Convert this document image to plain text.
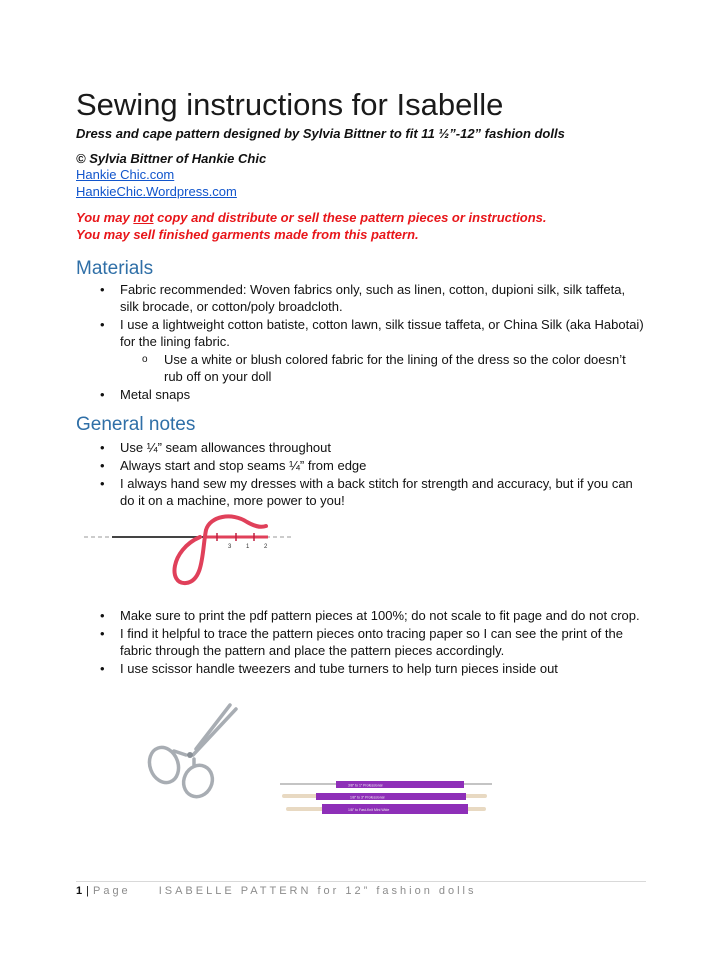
Sewing instructions for Isabelle
Dress and cape pattern designed by Sylvia Bittner to fit 11 ½”-12” fashion dolls
© Sylvia Bittner of Hankie Chic
Hankie Chic.com
HankieChic.Wordpress.com
You may not copy and distribute or sell these pattern pieces or instructions.
You may sell finished garments made from this pattern.
Materials
• Fabric recommended: Woven fabrics only, such as linen, cotton, dupioni silk, silk taffeta, silk brocade, or cotton/poly broadcloth.
• I use a lightweight cotton batiste, cotton lawn, silk tissue taffeta, or China Silk (aka Habotai) for the lining fabric.
o Use a white or blush colored fabric for the lining of the dress so the color doesn’t rub off on your doll
• Metal snaps
General notes
• Use ¼” seam allowances throughout
• Always start and stop seams ¼” from edge
• I always hand sew my dresses with a back stitch for strength and accuracy, but if you can do it on a machine, more power to you!
3 1 2
• Make sure to print the pdf pattern pieces at 100%; do not scale to fit page and do not crop.
• I find it helpful to trace the pattern pieces onto tracing paper so I can see the print of the fabric through the pattern and place the pattern pieces accordingly.
• I use scissor handle tweezers and tube turners to help turn pieces inside out
3/8" to 1" Professional
1/8" to 3" Professional
1/8" to Fast-Knit Mini Wide
1 | Page	ISABELLE PATTERN for 12” fashion dolls
